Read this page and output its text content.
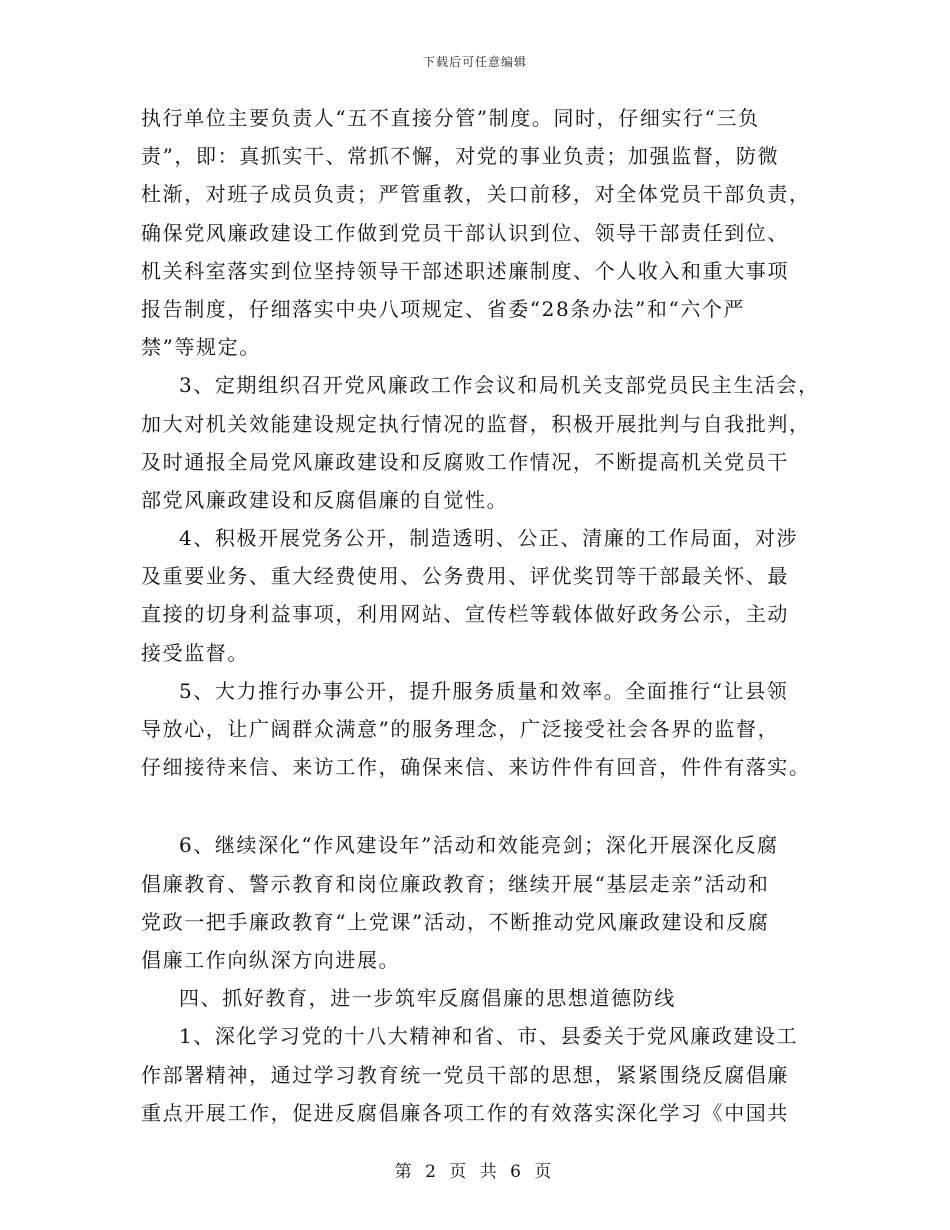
下载后可任意编辑
执行单位主要负责人“五不直接分管”制度。同时，仔细实行“三负
责”，即：真抓实干、常抓不懈，对党的事业负责；加强监督，防微
杜渐，对班子成员负责；严管重教，关口前移，对全体党员干部负责，
确保党风廉政建设工作做到党员干部认识到位、领导干部责任到位、
机关科室落实到位坚持领导干部述职述廉制度、个人收入和重大事项
报告制度，仔细落实中央八项规定、省委“28条办法”和“六个严
禁”等规定。
3、定期组织召开党风廉政工作会议和局机关支部党员民主生活会，
加大对机关效能建设规定执行情况的监督，积极开展批判与自我批判，
及时通报全局党风廉政建设和反腐败工作情况，不断提高机关党员干
部党风廉政建设和反腐倡廉的自觉性。
4、积极开展党务公开，制造透明、公正、清廉的工作局面，对涉
及重要业务、重大经费使用、公务费用、评优奖罚等干部最关怀、最
直接的切身利益事项，利用网站、宣传栏等载体做好政务公示，主动
接受监督。
5、大力推行办事公开，提升服务质量和效率。全面推行“让县领
导放心，让广阔群众满意”的服务理念，广泛接受社会各界的监督，
仔细接待来信、来访工作，确保来信、来访件件有回音，件件有落实。
6、继续深化“作风建设年”活动和效能亮剑；深化开展深化反腐
倡廉教育、警示教育和岗位廉政教育；继续开展“基层走亲”活动和
党政一把手廉政教育“上党课”活动，不断推动党风廉政建设和反腐
倡廉工作向纵深方向进展。
四、抓好教育，进一步筑牢反腐倡廉的思想道德防线
1、深化学习党的十八大精神和省、市、县委关于党风廉政建设工
作部署精神，通过学习教育统一党员干部的思想，紧紧围绕反腐倡廉
重点开展工作，促进反腐倡廉各项工作的有效落实深化学习《中国共
第 2 页 共 6 页
